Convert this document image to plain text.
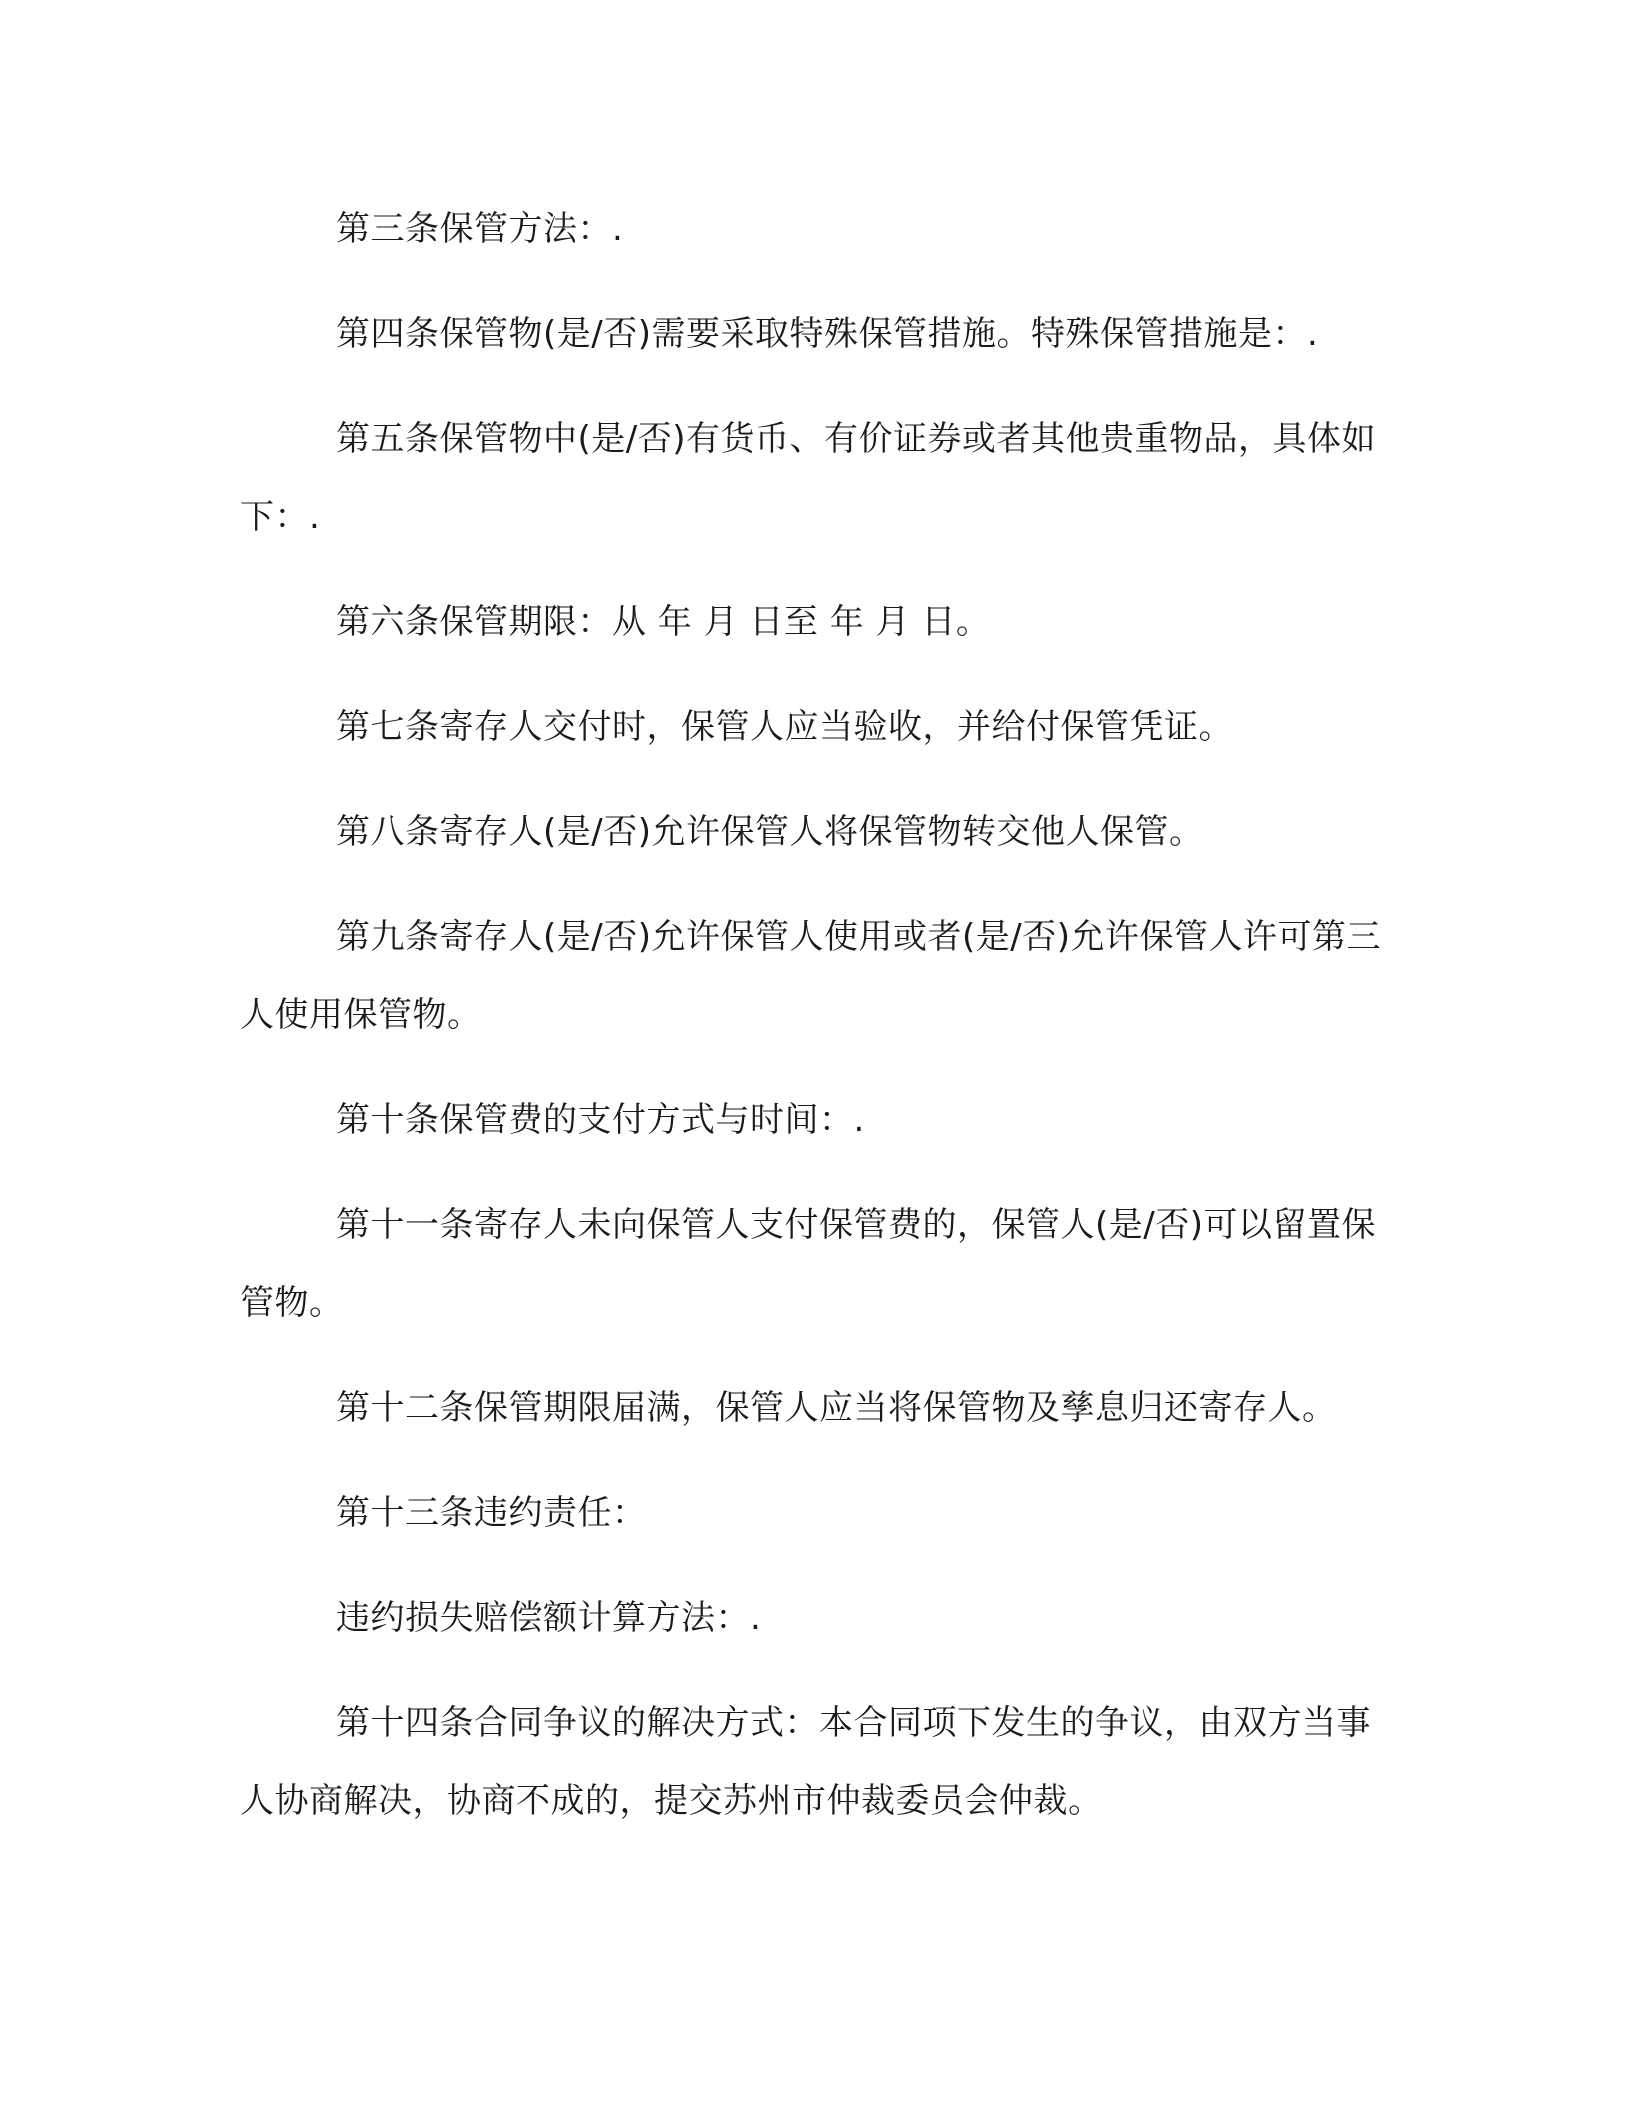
第三条保管方法：.

第四条保管物(是/否)需要采取特殊保管措施。特殊保管措施是：.

第五条保管物中(是/否)有货币、有价证券或者其他贵重物品，具体如下：.

第六条保管期限：从 年 月 日至 年 月 日。

第七条寄存人交付时，保管人应当验收，并给付保管凭证。

第八条寄存人(是/否)允许保管人将保管物转交他人保管。

第九条寄存人(是/否)允许保管人使用或者(是/否)允许保管人许可第三人使用保管物。

第十条保管费的支付方式与时间：.

第十一条寄存人未向保管人支付保管费的，保管人(是/否)可以留置保管物。

第十二条保管期限届满，保管人应当将保管物及孳息归还寄存人。

第十三条违约责任：

违约损失赔偿额计算方法：.

第十四条合同争议的解决方式：本合同项下发生的争议，由双方当事人协商解决，协商不成的，提交苏州市仲裁委员会仲裁。
